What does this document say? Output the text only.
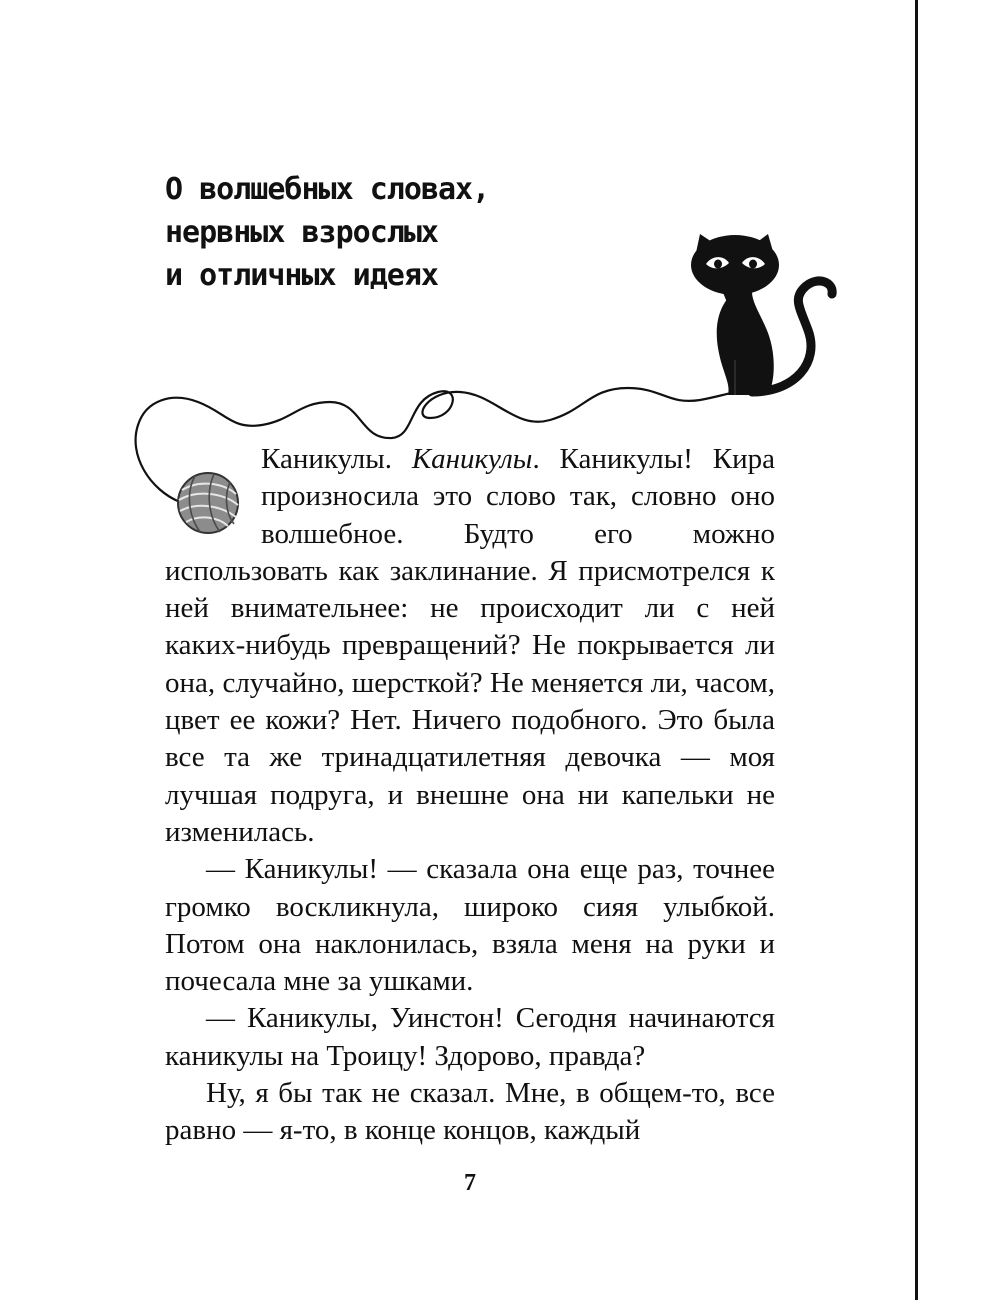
О волшебных словах,
нервных взрослых
и отличных идеях

Каникулы. Каникулы. Каникулы! Кира произносила это слово так, словно оно волшебное. Будто его можно использовать как заклинание. Я присмотрелся к ней внимательнее: не происходит ли с ней каких-нибудь превращений? Не покрывается ли она, случайно, шерсткой? Не меняется ли, часом, цвет ее кожи? Нет. Ничего подобного. Это была все та же тринадцатилетняя девочка — моя лучшая подруга, и внешне она ни капельки не изменилась.

— Каникулы! — сказала она еще раз, точнее громко воскликнула, широко сияя улыбкой. Потом она наклонилась, взяла меня на руки и почесала мне за ушками.

— Каникулы, Уинстон! Сегодня начинаются каникулы на Троицу! Здорово, правда?

Ну, я бы так не сказал. Мне, в общем-то, все равно — я-то, в конце концов, каждый

7
